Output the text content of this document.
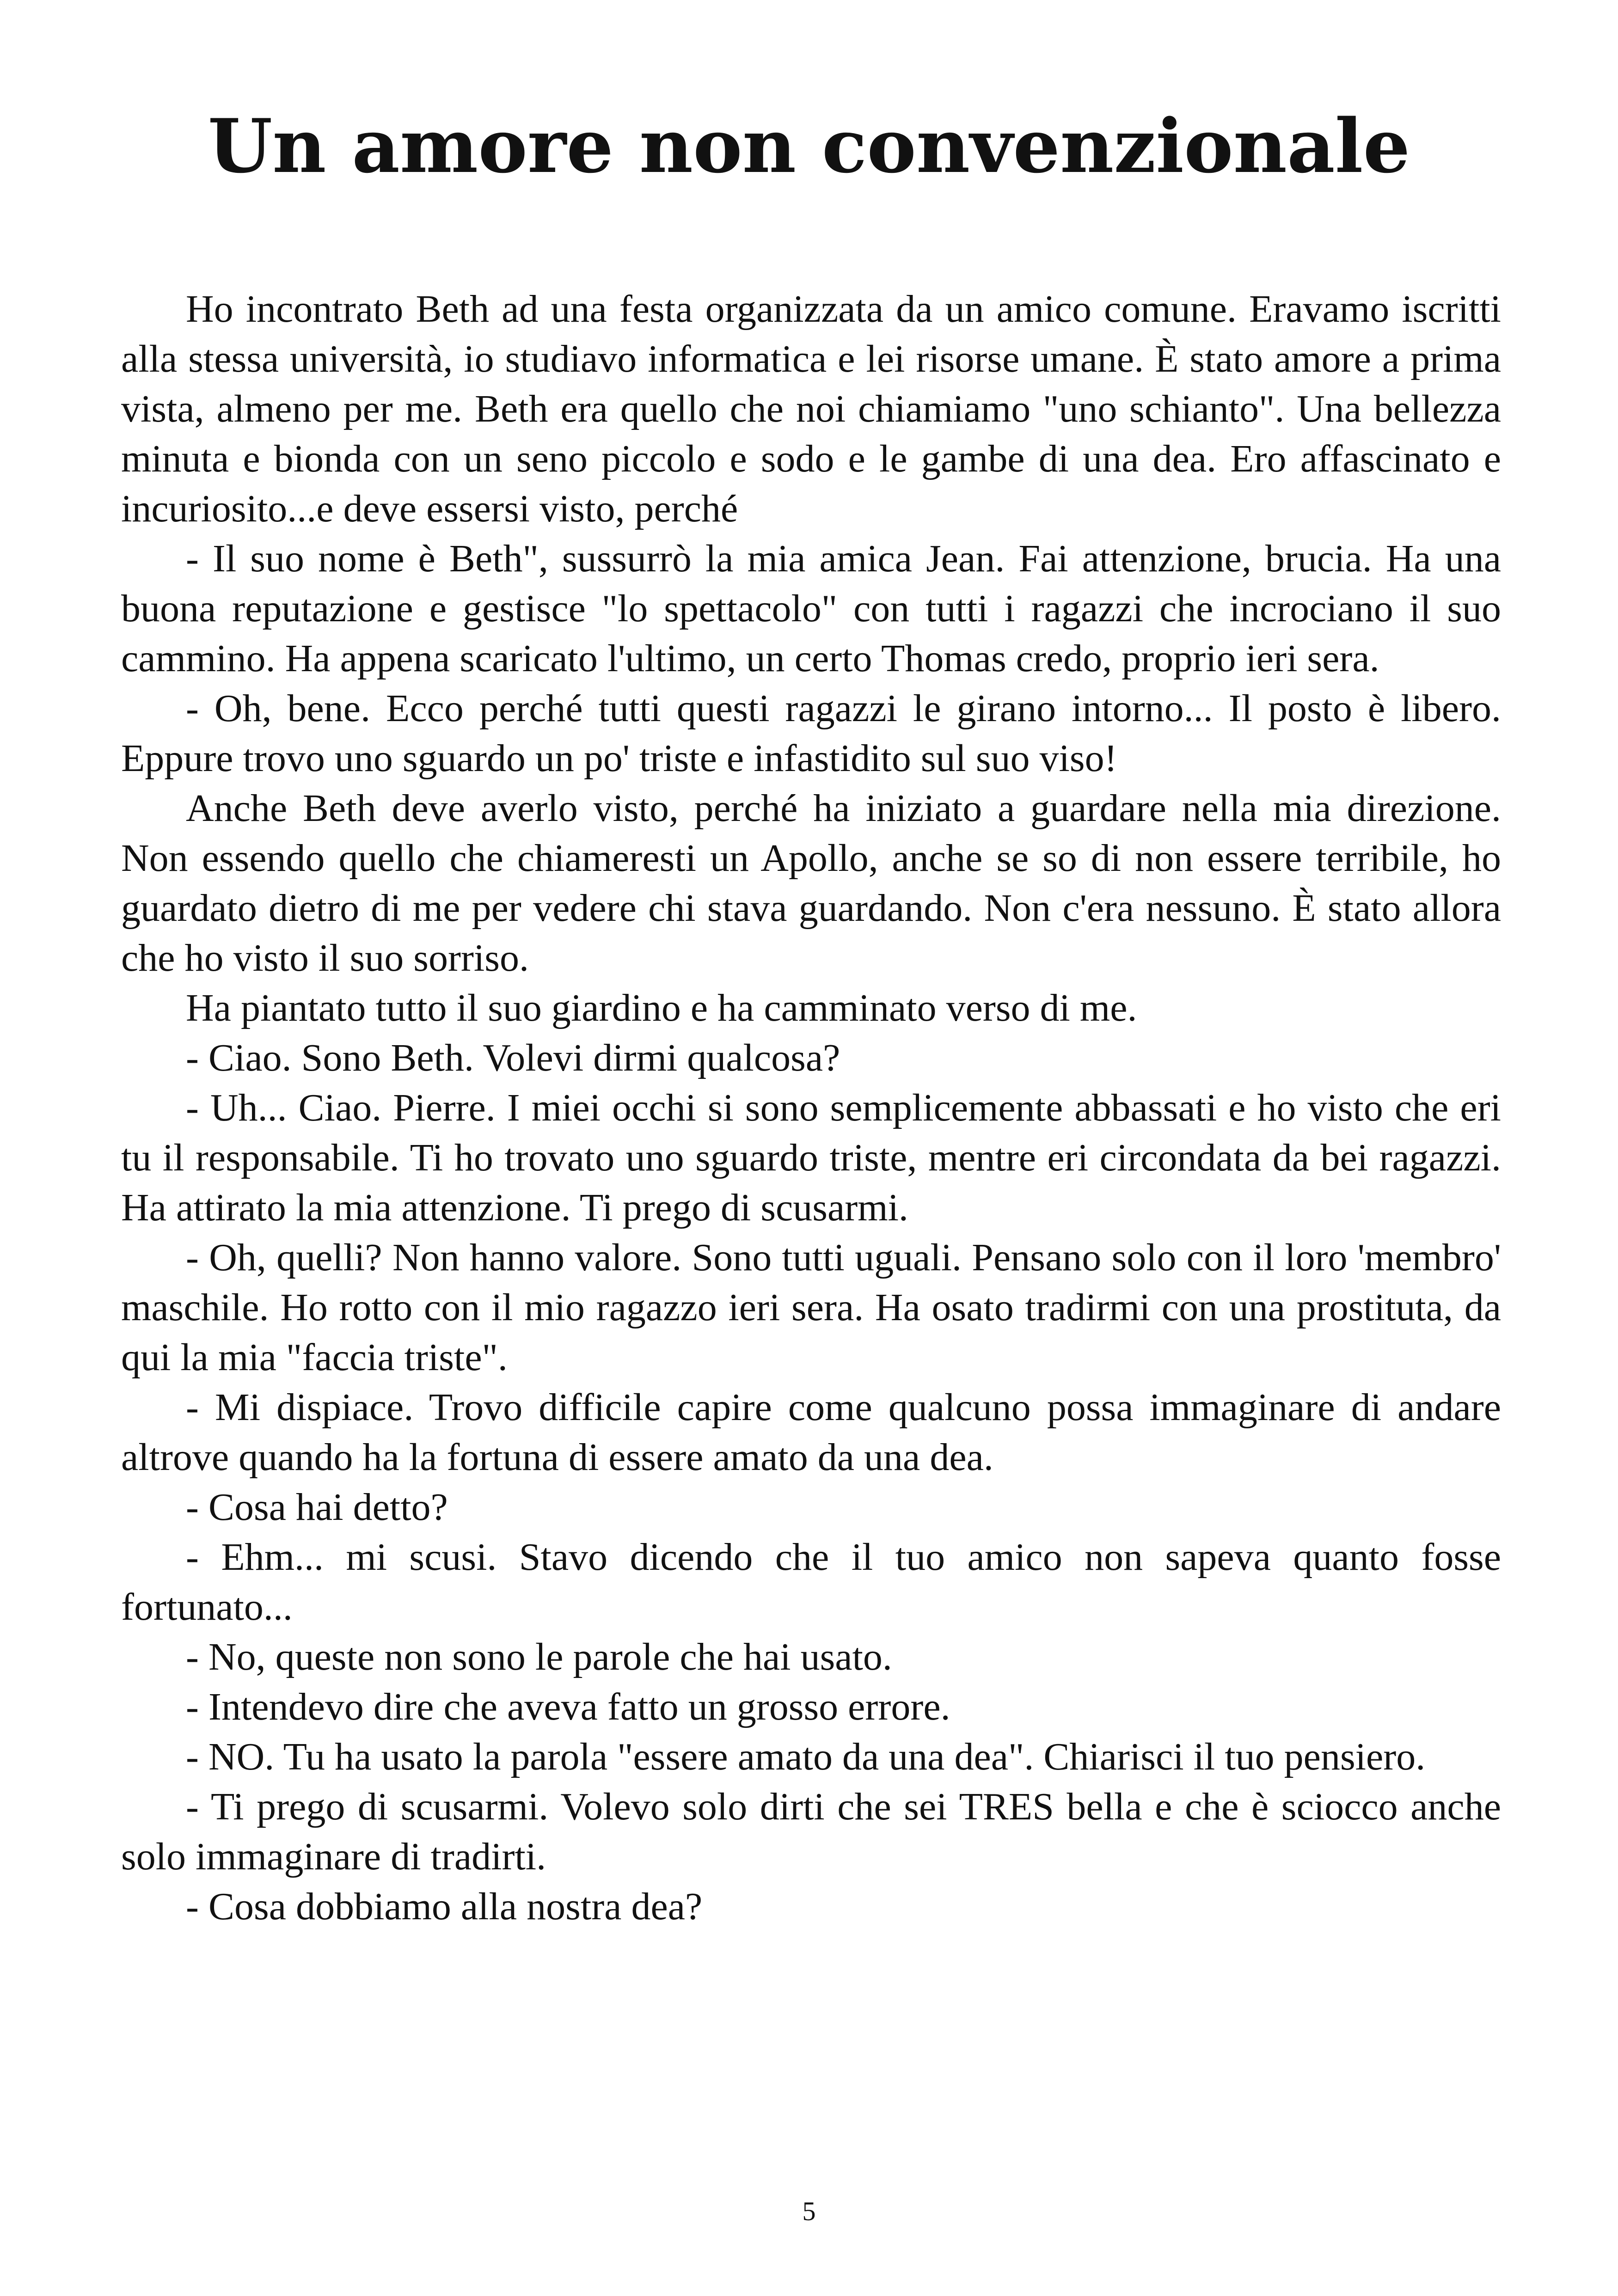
Un amore non convenzionale

Ho incontrato Beth ad una festa organizzata da un amico comune. Eravamo iscritti alla stessa università, io studiavo informatica e lei risorse umane. È stato amore a prima vista, almeno per me. Beth era quello che noi chiamiamo "uno schianto". Una bellezza minuta e bionda con un seno piccolo e sodo e le gambe di una dea. Ero affascinato e incuriosito...e deve essersi visto, perché

- Il suo nome è Beth", sussurrò la mia amica Jean. Fai attenzione, brucia. Ha una buona reputazione e gestisce "lo spettacolo" con tutti i ragazzi che incrociano il suo cammino. Ha appena scaricato l'ultimo, un certo Thomas credo, proprio ieri sera.

- Oh, bene. Ecco perché tutti questi ragazzi le girano intorno... Il posto è libero. Eppure trovo uno sguardo un po' triste e infastidito sul suo viso!

Anche Beth deve averlo visto, perché ha iniziato a guardare nella mia direzione. Non essendo quello che chiameresti un Apollo, anche se so di non essere terribile, ho guardato dietro di me per vedere chi stava guardando. Non c'era nessuno. È stato allora che ho visto il suo sorriso.

Ha piantato tutto il suo giardino e ha camminato verso di me.

- Ciao. Sono Beth. Volevi dirmi qualcosa?

- Uh... Ciao. Pierre. I miei occhi si sono semplicemente abbassati e ho visto che eri tu il responsabile. Ti ho trovato uno sguardo triste, mentre eri circondata da bei ragazzi. Ha attirato la mia attenzione. Ti prego di scusarmi.

- Oh, quelli? Non hanno valore. Sono tutti uguali. Pensano solo con il loro 'membro' maschile. Ho rotto con il mio ragazzo ieri sera. Ha osato tradirmi con una prostituta, da qui la mia "faccia triste".

- Mi dispiace. Trovo difficile capire come qualcuno possa immaginare di andare altrove quando ha la fortuna di essere amato da una dea.

- Cosa hai detto?

- Ehm... mi scusi. Stavo dicendo che il tuo amico non sapeva quanto fosse fortunato...

- No, queste non sono le parole che hai usato.

- Intendevo dire che aveva fatto un grosso errore.

- NO. Tu ha usato la parola "essere amato da una dea". Chiarisci il tuo pensiero.

- Ti prego di scusarmi. Volevo solo dirti che sei TRES bella e che è sciocco anche solo immaginare di tradirti.

- Cosa dobbiamo alla nostra dea?

5
